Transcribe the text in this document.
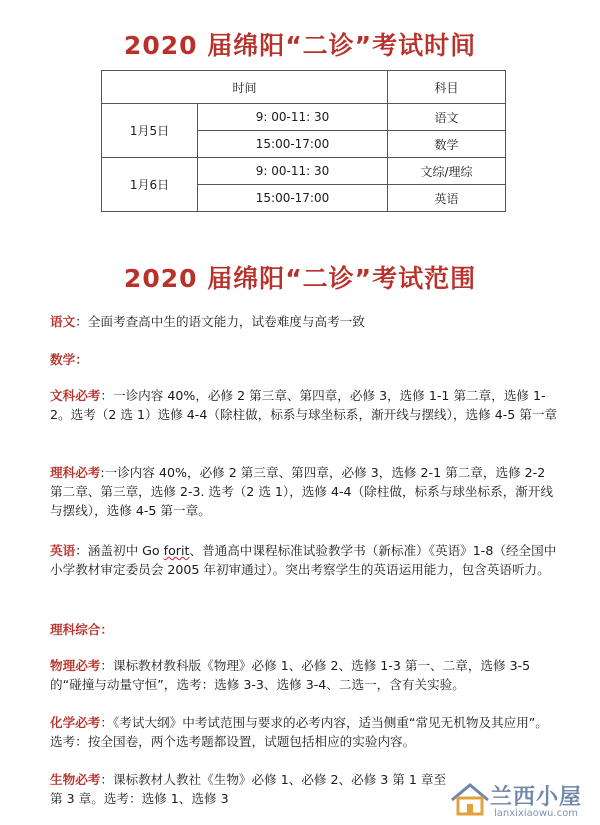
2020 届绵阳“二诊”考试时间
时间		科目
1月5日	9: 00-11: 30	语文
	15:00-17:00	数学
1月6日	9: 00-11: 30	文综/理综
	15:00-17:00	英语
2020 届绵阳“二诊”考试范围
语文：全面考查高中生的语文能力，试卷难度与高考一致
数学：
文科必考：一诊内容 40%，必修 2 第三章、第四章，必修 3，选修 1-1 第二章，选修 1-2。选考（2 选 1）选修 4-4（除柱做，标系与球坐标系，渐开线与摆线），选修 4-5 第一章
理科必考:一诊内容 40%，必修 2 第三章、第四章，必修 3，选修 2-1 第二章，选修 2-2 第二章、第三章，选修 2-3. 选考（2 选 1），选修 4-4（除柱做，标系与球坐标系，渐开线与摆线），选修 4-5 第一章。
英语：涵盖初中 Go forit、普通高中课程标准试验教学书（新标准）《英语》1-8（经全国中小学教材审定委员会 2005 年初审通过）。突出考察学生的英语运用能力，包含英语听力。
理科综合：
物理必考：课标教材教科版《物理》必修 1、必修 2、选修 1-3 第一、二章，选修 3-5 的“碰撞与动量守恒”，选考：选修 3-3、选修 3-4、二选一，含有关实验。
化学必考：《考试大纲》中考试范围与要求的必考内容，适当侧重“常见无机物及其应用”。选考：按全国卷，两个选考题都设置，试题包括相应的实验内容。
生物必考：课标教材人教社《生物》必修 1、必修 2、必修 3 第 1 章至第 3 章。选考：选修 1、选修 3	兰西小屋
lanxixiaowu.com
